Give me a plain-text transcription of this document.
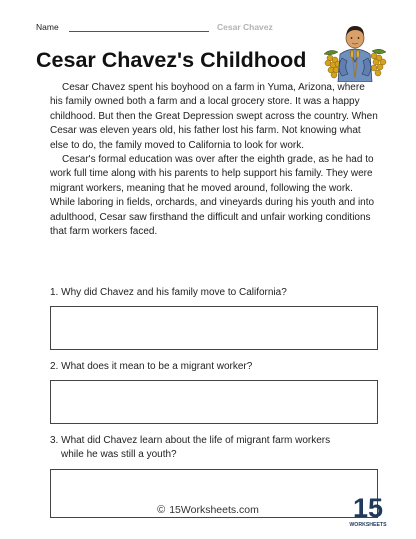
Name	Cesar Chavez
Cesar Chavez's Childhood

Cesar Chavez spent his boyhood on a farm in Yuma, Arizona, where his family owned both a farm and a local grocery store. It was a happy childhood. But then the Great Depression swept across the country. When Cesar was eleven years old, his father lost his farm. Not knowing what else to do, the family moved to California to look for work.

Cesar's formal education was over after the eighth grade, as he had to work full time along with his parents to help support his family. They were migrant workers, meaning that he moved around, following the work. While laboring in fields, orchards, and vineyards during his youth and into adulthood, Cesar saw firsthand the difficult and unfair working conditions that farm workers faced.

1. Why did Chavez and his family move to California?
2. What does it mean to be a migrant worker?
3. What did Chavez learn about the life of migrant farm workers
while he was still a youth?
© 15Worksheets.com	15
WORKSHEETS
